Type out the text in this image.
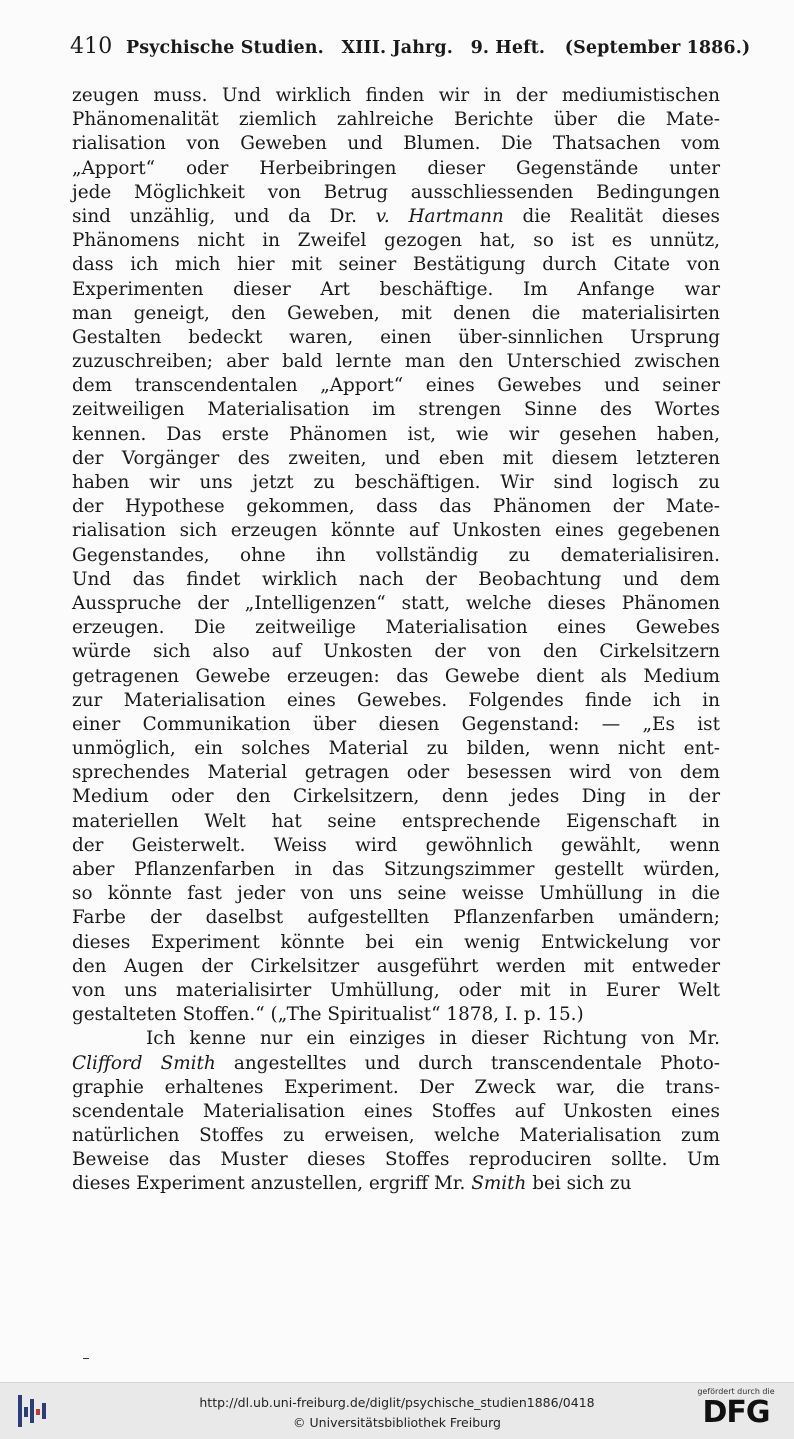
410 Psychische Studien. XIII. Jahrg. 9. Heft. (September 1886.)
zeugen muss. Und wirklich finden wir in der mediumistischen
Phänomenalität ziemlich zahlreiche Berichte über die Mate-
rialisation von Geweben und Blumen. Die Thatsachen vom
„Apport“ oder Herbeibringen dieser Gegenstände unter
jede Möglichkeit von Betrug ausschliessenden Bedingungen
sind unzählig, und da Dr. v. Hartmann die Realität dieses
Phänomens nicht in Zweifel gezogen hat, so ist es unnütz,
dass ich mich hier mit seiner Bestätigung durch Citate von
Experimenten dieser Art beschäftige. Im Anfange war
man geneigt, den Geweben, mit denen die materialisirten
Gestalten bedeckt waren, einen über-sinnlichen Ursprung
zuzuschreiben; aber bald lernte man den Unterschied zwischen
dem transcendentalen „Apport“ eines Gewebes und seiner
zeitweiligen Materialisation im strengen Sinne des Wortes
kennen. Das erste Phänomen ist, wie wir gesehen haben,
der Vorgänger des zweiten, und eben mit diesem letzteren
haben wir uns jetzt zu beschäftigen. Wir sind logisch zu
der Hypothese gekommen, dass das Phänomen der Mate-
rialisation sich erzeugen könnte auf Unkosten eines gegebenen
Gegenstandes, ohne ihn vollständig zu dematerialisiren.
Und das findet wirklich nach der Beobachtung und dem
Ausspruche der „Intelligenzen“ statt, welche dieses Phänomen
erzeugen. Die zeitweilige Materialisation eines Gewebes
würde sich also auf Unkosten der von den Cirkelsitzern
getragenen Gewebe erzeugen: das Gewebe dient als Medium
zur Materialisation eines Gewebes. Folgendes finde ich in
einer Communikation über diesen Gegenstand: — „Es ist
unmöglich, ein solches Material zu bilden, wenn nicht ent-
sprechendes Material getragen oder besessen wird von dem
Medium oder den Cirkelsitzern, denn jedes Ding in der
materiellen Welt hat seine entsprechende Eigenschaft in
der Geisterwelt. Weiss wird gewöhnlich gewählt, wenn
aber Pflanzenfarben in das Sitzungszimmer gestellt würden,
so könnte fast jeder von uns seine weisse Umhüllung in die
Farbe der daselbst aufgestellten Pflanzenfarben umändern;
dieses Experiment könnte bei ein wenig Entwickelung vor
den Augen der Cirkelsitzer ausgeführt werden mit entweder
von uns materialisirter Umhüllung, oder mit in Eurer Welt
gestalteten Stoffen.“ („The Spiritualist“ 1878, I. p. 15.)
Ich kenne nur ein einziges in dieser Richtung von Mr.
Clifford Smith angestelltes und durch transcendentale Photo-
graphie erhaltenes Experiment. Der Zweck war, die trans-
scendentale Materialisation eines Stoffes auf Unkosten eines
natürlichen Stoffes zu erweisen, welche Materialisation zum
Beweise das Muster dieses Stoffes reproduciren sollte. Um
dieses Experiment anzustellen, ergriff Mr. Smith bei sich zu
http://dl.ub.uni-freiburg.de/diglit/psychische_studien1886/0418
© Universitätsbibliothek Freiburg
gefördert durch die
DFG
